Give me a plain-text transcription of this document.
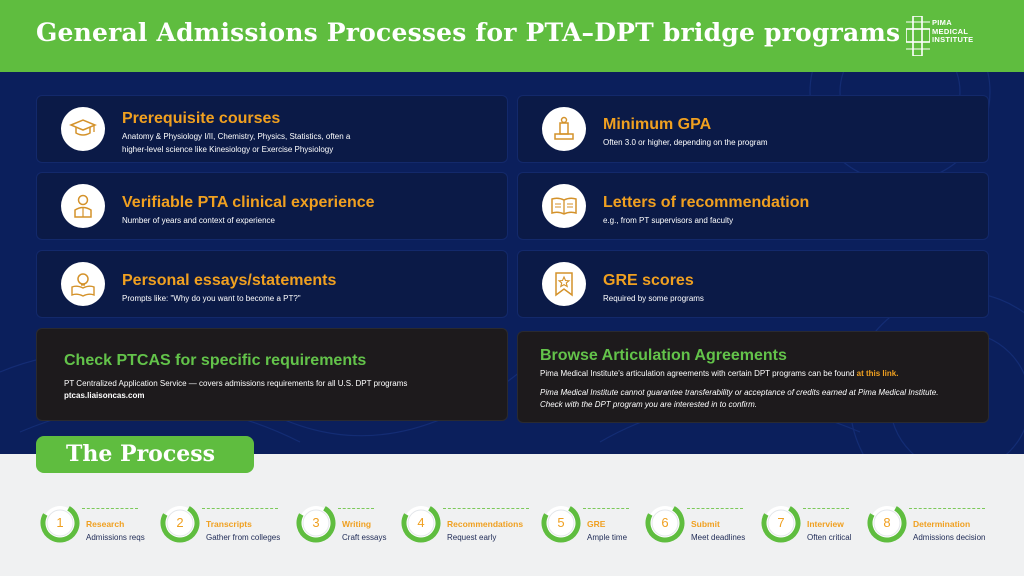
General Admissions Processes for PTA–DPT bridge programs	PIMA
MEDICAL
INSTITUTE
Prerequisite courses
Anatomy & Physiology I/II, Chemistry, Physics, Statistics, often a higher-level science like Kinesiology or Exercise Physiology
Minimum GPA
Often 3.0 or higher, depending on the program
Verifiable PTA clinical experience
Number of years and context of experience
Letters of recommendation
e.g., from PT supervisors and faculty
Personal essays/statements
Prompts like: "Why do you want to become a PT?"
GRE scores
Required by some programs
Check PTCAS for specific requirements
PT Centralized Application Service — covers admissions requirements for all U.S. DPT programs
ptcas.liaisoncas.com
Browse Articulation Agreements
Pima Medical Institute's articulation agreements with certain DPT programs can be found at this link.
Pima Medical Institute cannot guarantee transferability or acceptance of credits earned at Pima Medical Institute.
Check with the DPT program you are interested in to confirm.
The Process
1	Research
Admissions reqs
2	Transcripts
Gather from colleges
3	Writing
Craft essays
4	Recommendations
Request early
5	GRE
Ample time
6	Submit
Meet deadlines
7	Interview
Often critical
8	Determination
Admissions decision
